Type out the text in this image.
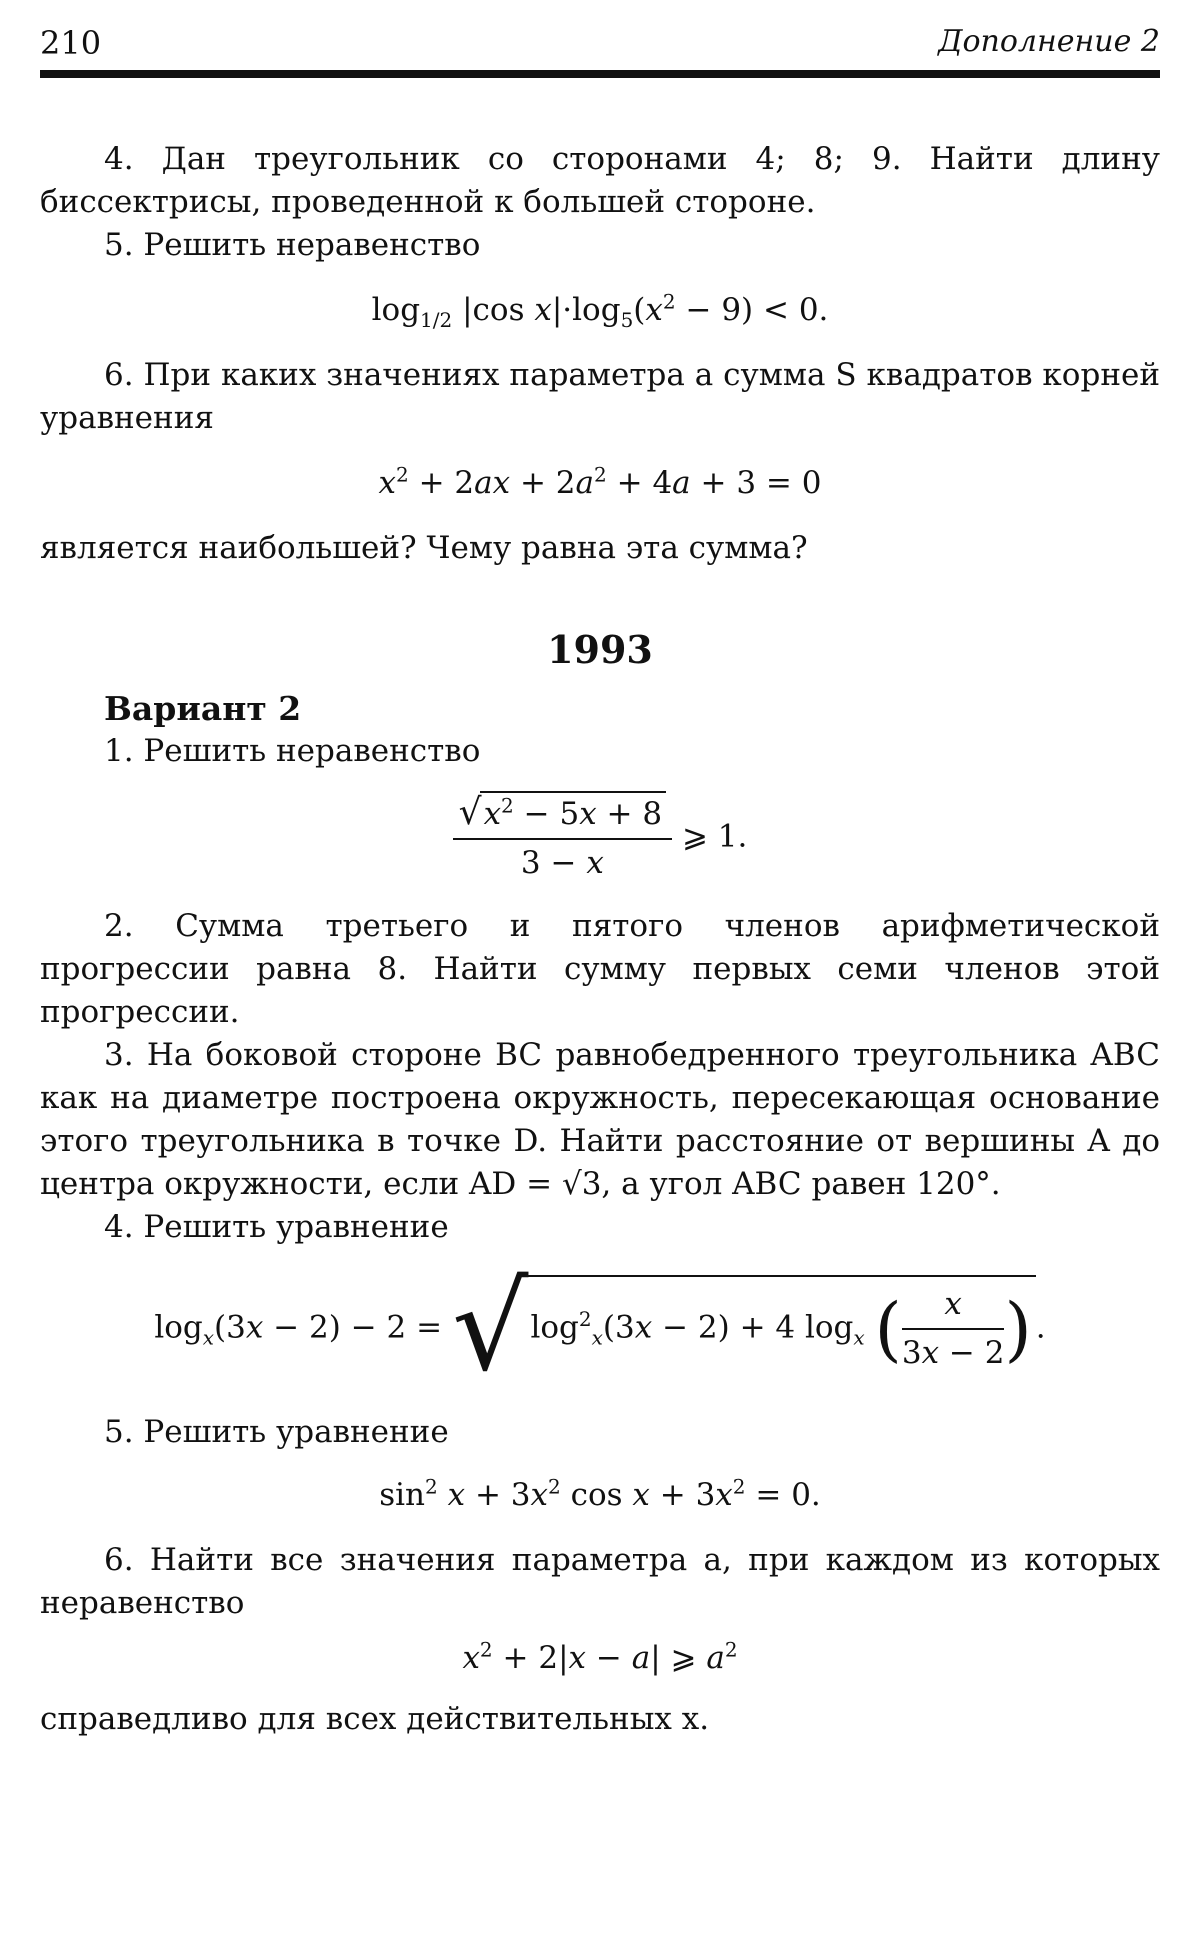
210	Дополнение 2

4. Дан треугольник со сторонами 4; 8; 9. Найти длину биссектрисы, проведенной к большей стороне.

5. Решить неравенство

$\log_{1/2} |\cos$ $x|\cdot\log_5(x^2 - 9) < 0$.

6. При каких значениях параметра a сумма S квадратов корней уравнения

$x^2 + 2ax + 2a^2 + 4a + 3 = 0$

является наибольшей? Чему равна эта сумма?

1993
Вариант 2

1. Решить неравенство

$\frac{√x^2 - 5x + 8}{3 - x}$ ⩾ 1.

2. Сумма третьего и пятого членов арифметической прогрессии равна 8. Найти сумму первых семи членов этой прогрессии.

3. На боковой стороне BC равнобедренного треугольника ABC как на диаметре построена окружность, пересекающая основание этого треугольника в точке D. Найти расстояние от вершины A до центра окружности, если AD = √3, а угол ABC равен 120°.

4. Решить уравнение

$\log_x(3x - 2) - 2 = √\log^2_x(3x - 2) + 4$ $\log_x$ ( $\frac{x}{3x - 2}$ ) .

5. Решить уравнение

$\sin^2 x + 3x^2$ $\cos x + 3x^2 = 0$.

6. Найти все значения параметра a, при каждом из которых неравенство

$x^2 + 2|x - a|$ ⩾ $a^2$

справедливо для всех действительных x.
